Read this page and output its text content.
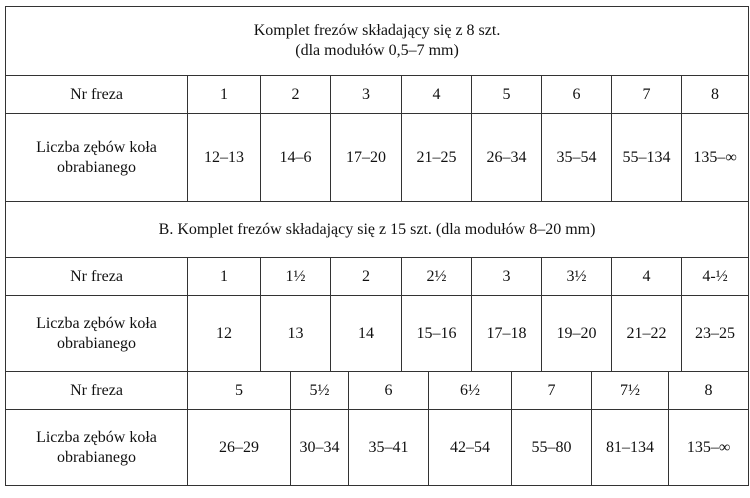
Komplet frezów składający się z 8 szt.
(dla modułów 0,5–7 mm)														

Nr freza	1	2		3		4		5		6		7		8

Liczba zębów koła
obrabianego	12–13	14–6		17–20		21–25		26–34		35–54		55–134		135–∞
B. Komplet frezów składający się z 15 szt. (dla modułów 8–20 mm)														
Nr freza	1	1½		2		2½		3		3½		4		4-½

Liczba zębów koła
obrabianego	12	13		14		15–16		17–18		19–20		21–22		23–25
Nr freza	5		5½		6		6½		7		7½		8	

Liczba zębów koła
obrabianego	26–29		30–34		35–41		42–54		55–80		81–134		135–∞	
